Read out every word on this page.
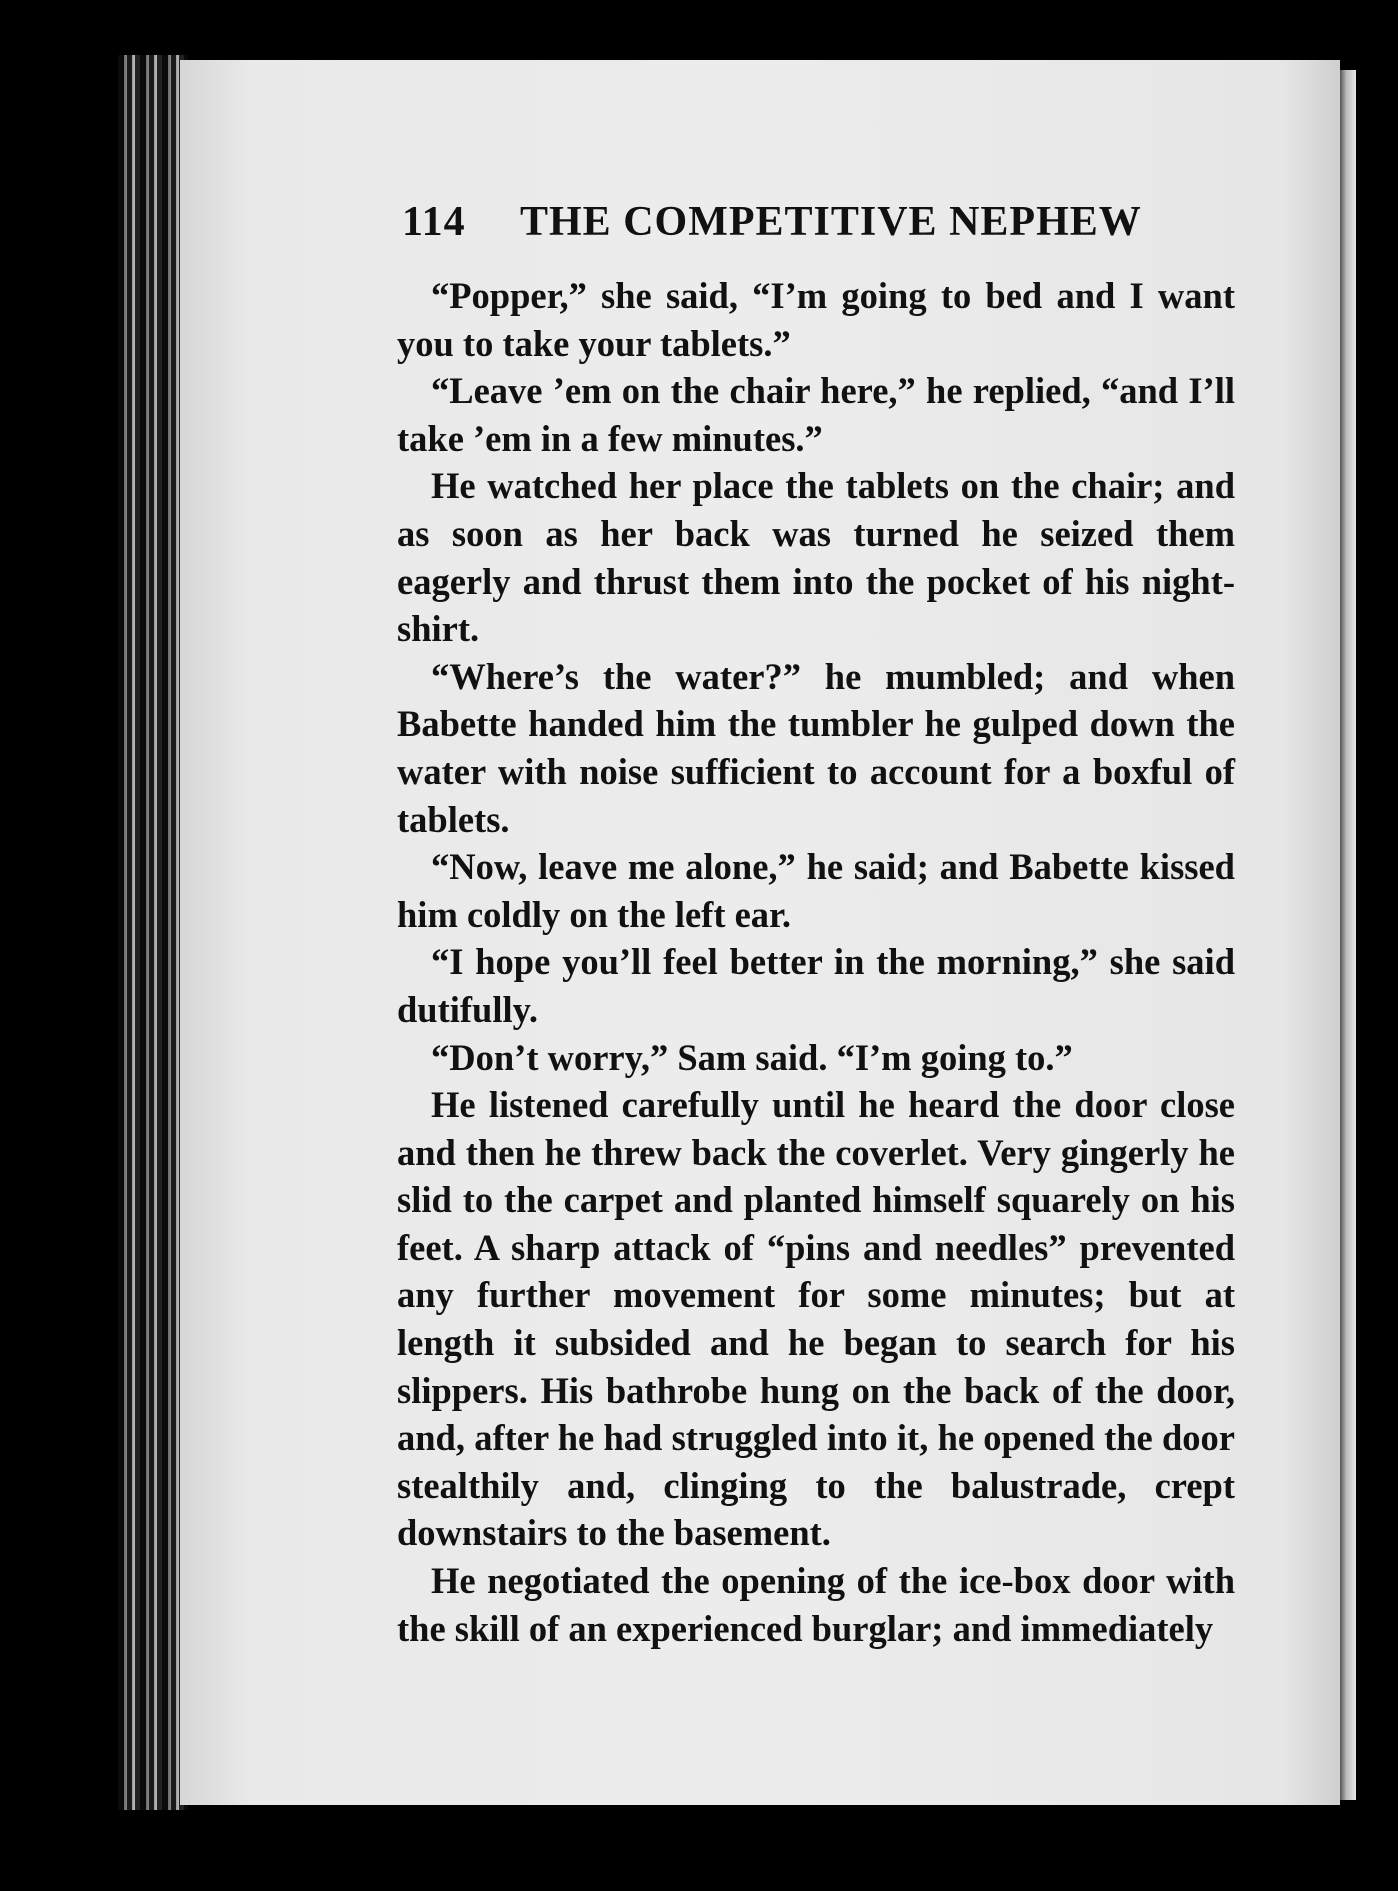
114	THE COMPETITIVE NEPHEW

“Popper,” she said, “I’m going to bed and I want you to take your tablets.”

“Leave ’em on the chair here,” he replied, “and I’ll take ’em in a few minutes.”

He watched her place the tablets on the chair; and as soon as her back was turned he seized them eagerly and thrust them into the pocket of his night-shirt.

“Where’s the water?” he mumbled; and when Babette handed him the tumbler he gulped down the water with noise sufficient to account for a boxful of tablets.

“Now, leave me alone,” he said; and Babette kissed him coldly on the left ear.

“I hope you’ll feel better in the morning,” she said dutifully.

“Don’t worry,” Sam said. “I’m going to.”

He listened carefully until he heard the door close and then he threw back the coverlet. Very gingerly he slid to the carpet and planted himself squarely on his feet. A sharp attack of “pins and needles” prevented any further movement for some minutes; but at length it subsided and he began to search for his slippers. His bathrobe hung on the back of the door, and, after he had struggled into it, he opened the door stealthily and, clinging to the balustrade, crept downstairs to the basement.

He negotiated the opening of the ice-box door with the skill of an experienced burglar; and immediately
